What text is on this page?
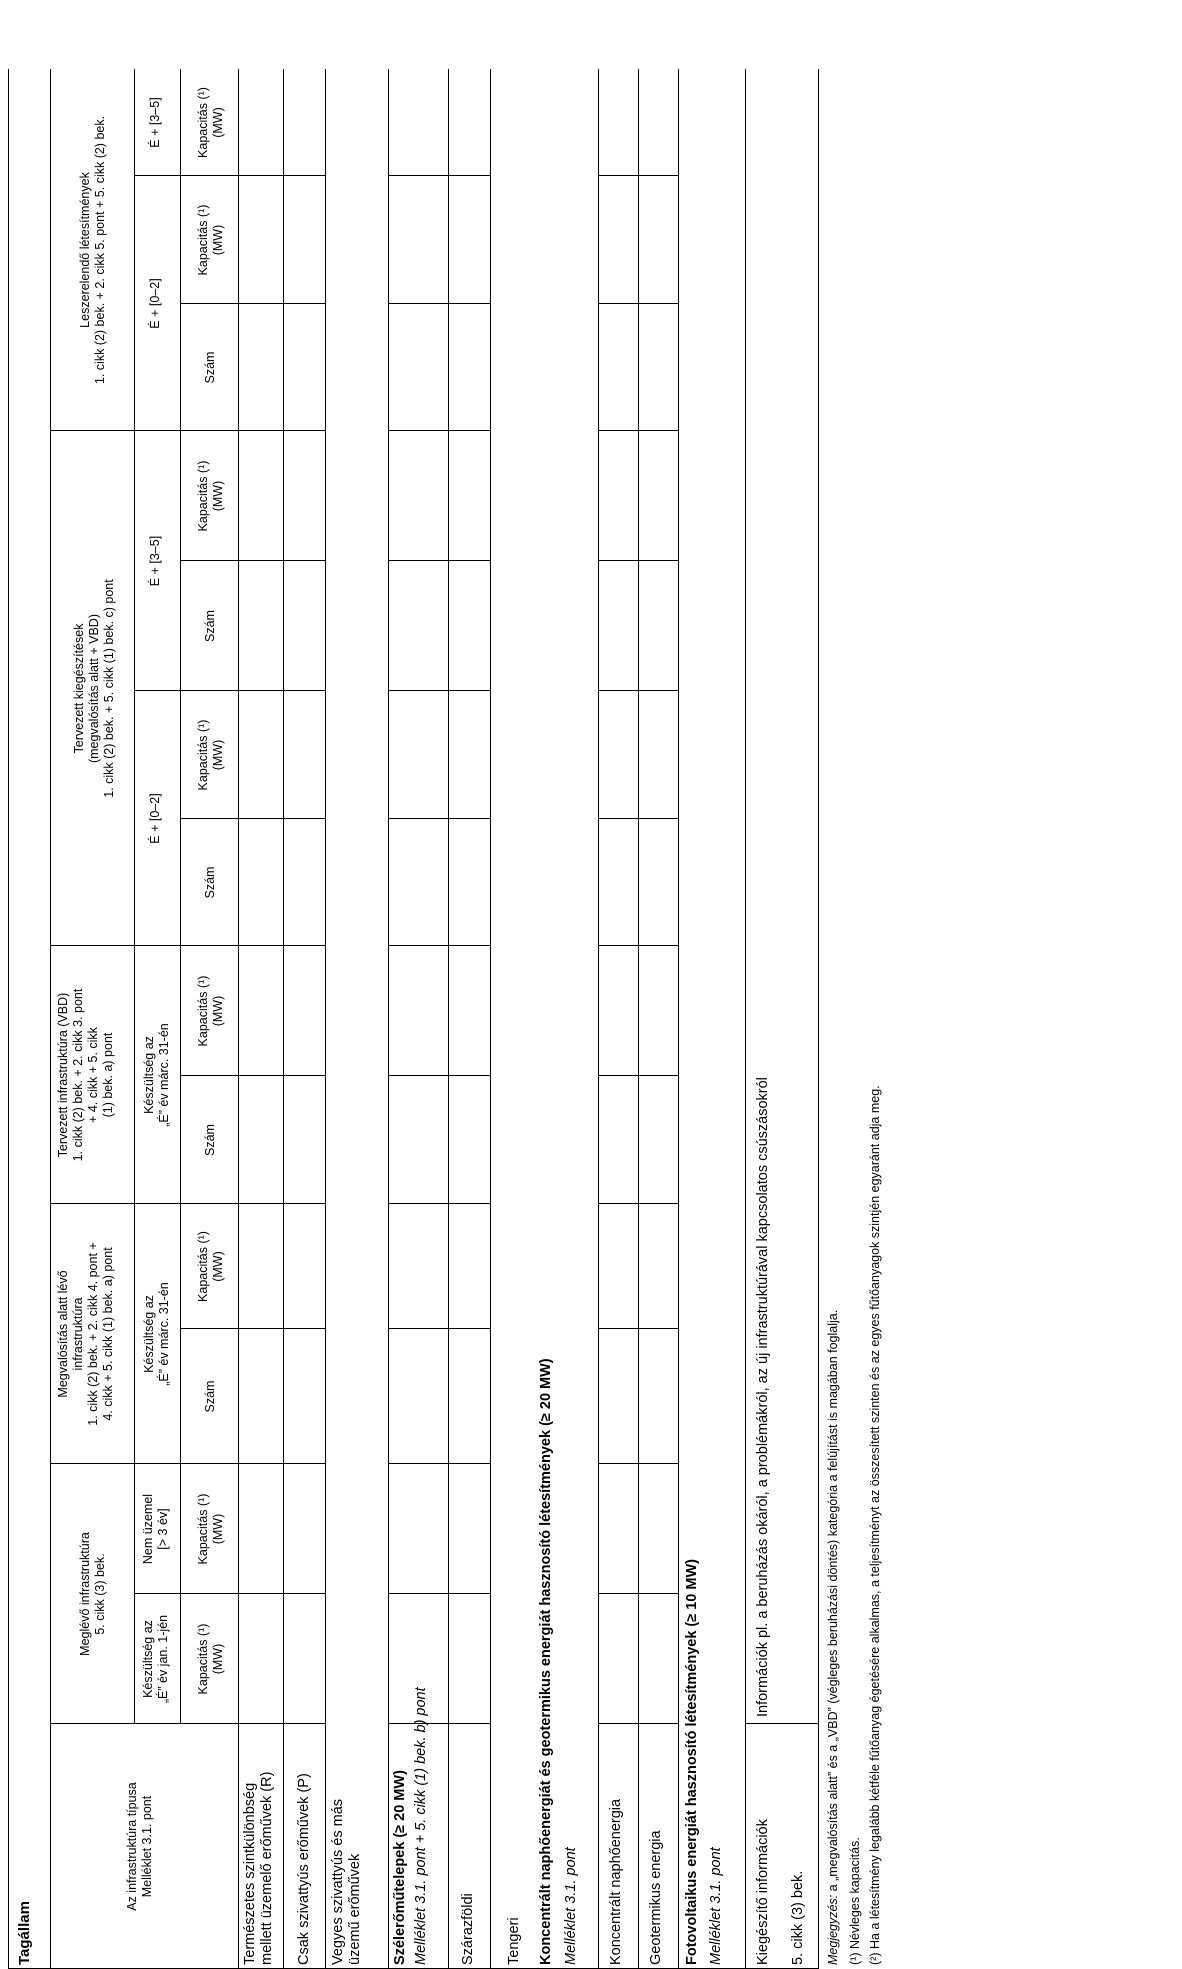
Tagállam	Az infrastruktúra típusa
Melléklet 3.1. pont
Meglévő infrastruktúra
5. cikk (3) bek.
Készültség az
„É” év jan. 1-jén
Nem üzemel
[> 3 év]
Megvalósítás alatt lévő
infrastruktúra
1. cikk (2) bek. + 2. cikk 4. pont +
4. cikk + 5. cikk (1) bek. a) pont
Készültség az
„É” év márc. 31-én
Tervezett infrastruktúra (VBD)
1. cikk (2) bek. + 2. cikk 3. pont
+ 4. cikk + 5. cikk
(1) bek. a) pont
Készültség az
„É” év márc. 31-én
Tervezett kiegészítések
(megvalósítás alatt + VBD)
1. cikk (2) bek. + 5. cikk (1) bek. c) pont
É + [0–2]
É + [3–5]
Leszerelendő létesítmények
1. cikk (2) bek. + 2. cikk 5. pont + 5. cikk (2) bek.
É + [0–2]
É + [3–5]
Kapacitás (¹)
(MW)
Kapacitás (¹)
(MW)
Szám
Kapacitás (¹)
(MW)
Szám
Kapacitás (¹)
(MW)
Szám
Kapacitás (¹)
(MW)
Szám
Kapacitás (¹)
(MW)
Szám
Kapacitás (¹)
(MW)
Kapacitás (¹)
(MW)
Természetes szintkülönbség
mellett üzemelő erőművek (R) Csak szivattyús erőművek (P) Vegyes szivattyús és más
üzemű erőművek Szélerőműtelepek (≥ 20 MW) Melléklet 3.1. pont + 5. cikk (1) bek. b) pont Szárazföldi Tengeri Koncentrált naphőenergiát és geotermikus energiát hasznosító létesítmények (≥ 20 MW) Melléklet 3.1. pont Koncentrált naphőenergia Geotermikus energia Fotovoltaikus energiát hasznosító létesítmények (≥ 10 MW) Melléklet 3.1. pont Kiegészítő információk
Információk pl. a beruházás okáról, a problémákról, az új infrastruktúrával kapcsolatos csúszásokról
5. cikk (3) bek. Megjegyzés: a „megvalósítás alatt” és a „VBD” (végleges beruházási döntés) kategória a felújítást is magában foglalja.
(¹) Névleges kapacitás. (²) Ha a létesítmény legalább kétféle fűtőanyag égetésére alkalmas, a teljesítményt az összesített szinten és az egyes fűtőanyagok szintjén egyaránt adja meg.
